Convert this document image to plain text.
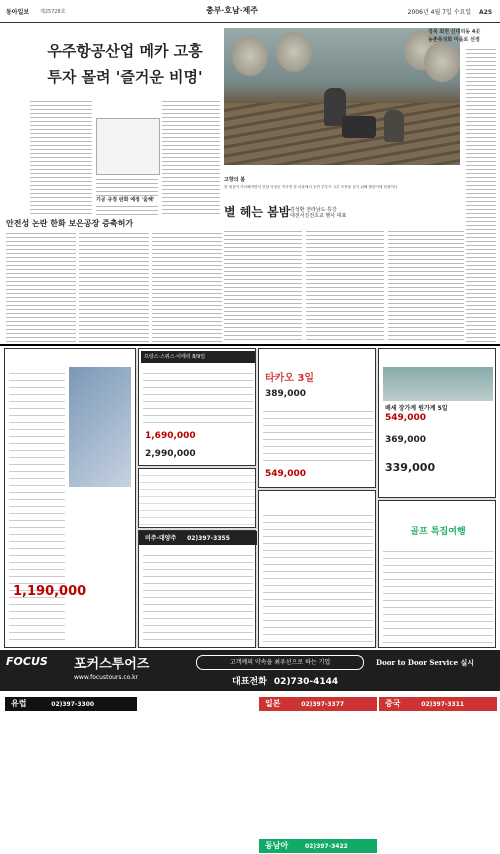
동아일보 제25728호	충부·호남·제주	2006년 4월 7일 수요일 A25
우주항공산업 메카 고흥
투자 몰려 '즐거운 비명'

기공 규정 판화 예정 '울해'
고향의 봄
봄 내음이 가득해지면서 전남 곡성군 죽곡면 한 마을에서 농민 부부가 고추 모종을 심기 위해 밭갈이에 한창이다
경북 회천 신대리동 4곳
농촌특성화 마을로 선정
별 헤는 봄밤 김성환 전라남도·특강
대전서진전초교 행사 대표
안전성 논란 한화 보은공장 증축허가
유럽	02)397-3300
1,190,000
프랑스·스위스·이태리 8/9일
1,690,000
2,990,000
미주·대양주 02)397-3355
일본	02)397-3377
타카오 3일
389,000
549,000
동남아	02)397-3422
중국	02)397-3311
배세 장가계 원가계 5일
549,000
369,000
339,000
골프 특집여행
FOCUS 포커스투어즈
www.focustours.co.kr
고객께의 약속을 최우선으로 하는 기업
대표전화 02)730-4144
Door to Door Service 실시
